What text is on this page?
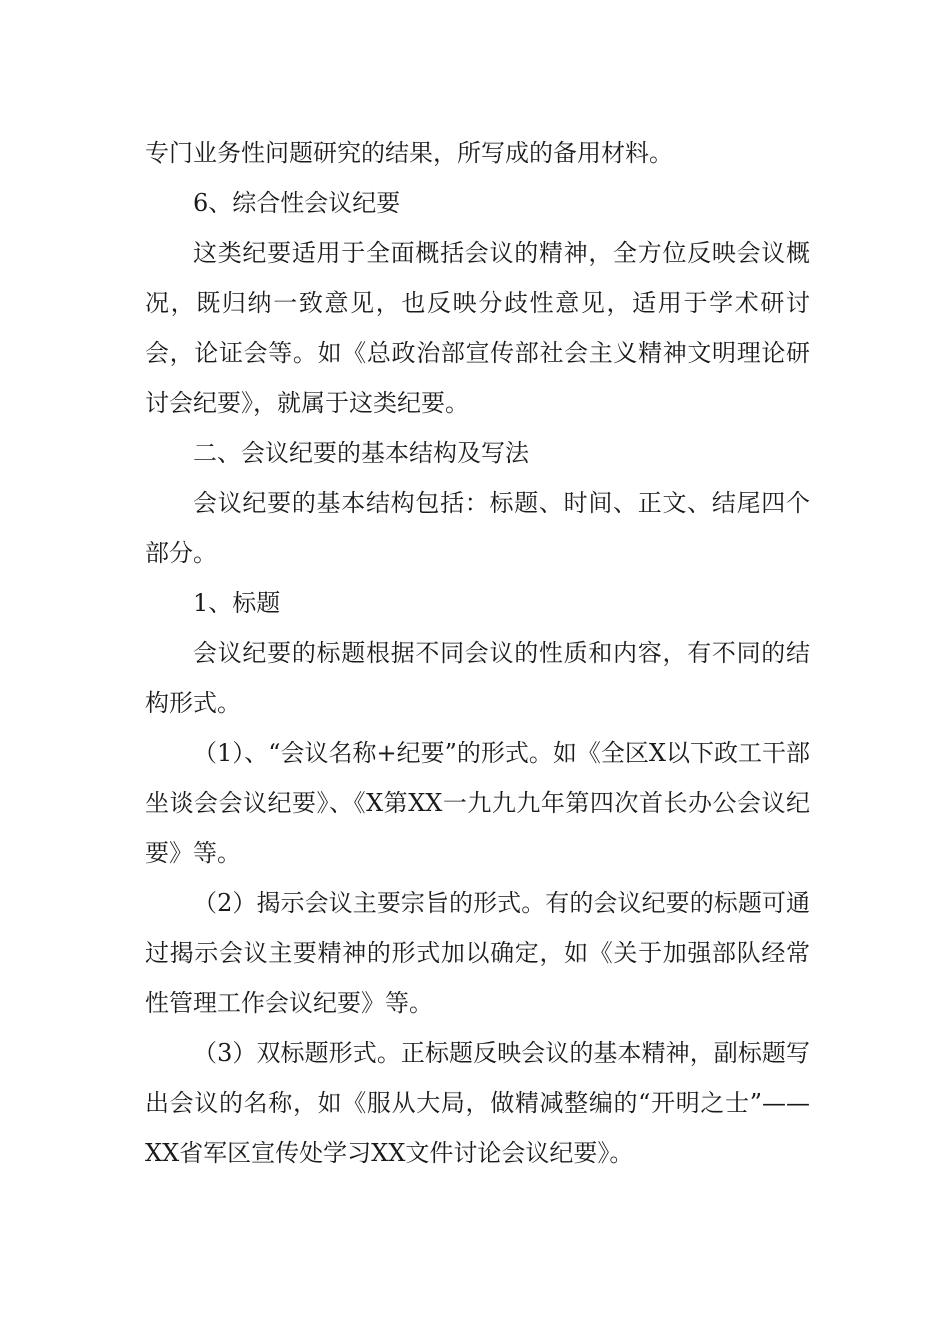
专门业务性问题研究的结果，所写成的备用材料。

6、综合性会议纪要

这类纪要适用于全面概括会议的精神，全方位反映会议概况，既归纳一致意见，也反映分歧性意见，适用于学术研讨会，论证会等。如《总政治部宣传部社会主义精神文明理论研讨会纪要》，就属于这类纪要。

二、会议纪要的基本结构及写法

会议纪要的基本结构包括：标题、时间、正文、结尾四个部分。

1、标题

会议纪要的标题根据不同会议的性质和内容，有不同的结构形式。

（1）、“会议名称+纪要”的形式。如《全区X以下政工干部坐谈会会议纪要》、《X第XX一九九九年第四次首长办公会议纪要》等。

（2）揭示会议主要宗旨的形式。有的会议纪要的标题可通过揭示会议主要精神的形式加以确定，如《关于加强部队经常性管理工作会议纪要》等。

（3）双标题形式。正标题反映会议的基本精神，副标题写出会议的名称，如《服从大局，做精减整编的“开明之士”——XX省军区宣传处学习XX文件讨论会议纪要》。
